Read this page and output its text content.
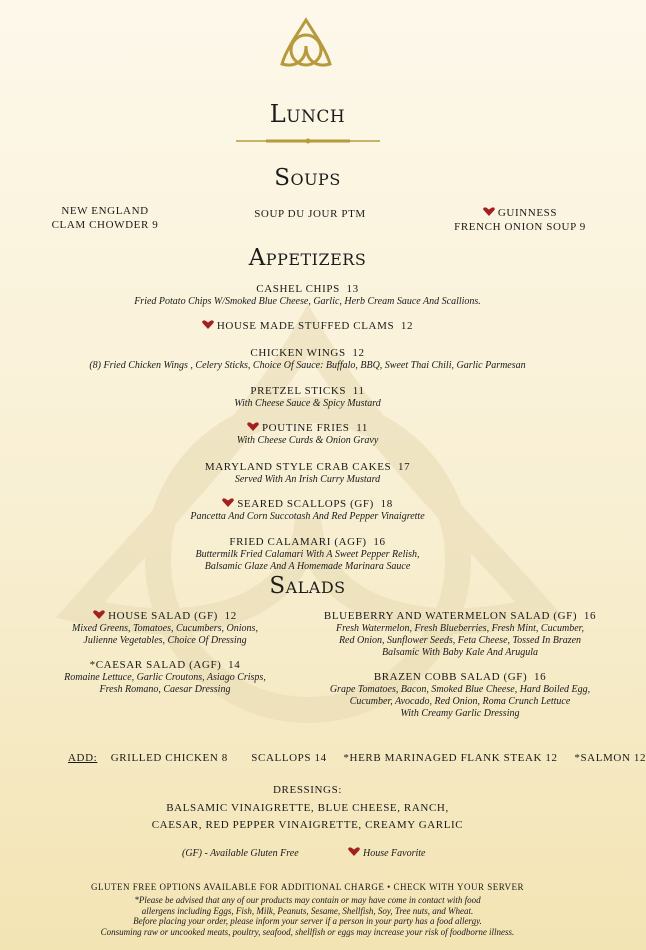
Lunch
Soups
NEW ENGLAND
CLAM CHOWDER 9
SOUP DU JOUR PTM	GUINNESS
FRENCH ONION SOUP 9
Appetizers
CASHEL CHIPS 13
Fried Potato Chips W/Smoked Blue Cheese, Garlic, Herb Cream Sauce And Scallions.
HOUSE MADE STUFFED CLAMS 12
CHICKEN WINGS 12
(8) Fried Chicken Wings , Celery Sticks, Choice Of Sauce: Buffalo, BBQ, Sweet Thai Chili, Garlic Parmesan
PRETZEL STICKS 11
With Cheese Sauce & Spicy Mustard
POUTINE FRIES 11
With Cheese Curds & Onion Gravy
MARYLAND STYLE CRAB CAKES 17
Served With An Irish Curry Mustard
SEARED SCALLOPS (GF) 18
Pancetta And Corn Succotash And Red Pepper Vinaigrette
FRIED CALAMARI (AGF) 16
Buttermilk Fried Calamari With A Sweet Pepper Relish,
Balsamic Glaze And A Homemade Marinara Sauce
Salads
HOUSE SALAD (GF) 12
Mixed Greens, Tomatoes, Cucumbers, Onions,
Julienne Vegetables, Choice Of Dressing
*CAESAR SALAD (AGF) 14
Romaine Lettuce, Garlic Croutons, Asiago Crisps,
Fresh Romano, Caesar Dressing
BLUEBERRY AND WATERMELON SALAD (GF) 16
Fresh Watermelon, Fresh Blueberries, Fresh Mint, Cucumber,
Red Onion, Sunflower Seeds, Feta Cheese, Tossed In Brazen
Balsamic With Baby Kale And Arugula
BRAZEN COBB SALAD (GF) 16
Grape Tomatoes, Bacon, Smoked Blue Cheese, Hard Boiled Egg,
Cucumber, Avocado, Red Onion, Roma Crunch Lettuce
With Creamy Garlic Dressing
ADD: GRILLED CHICKEN 8 SCALLOPS 14 *HERB MARINAGED FLANK STEAK 12 *SALMON 12
DRESSINGS:
BALSAMIC VINAIGRETTE, BLUE CHEESE, RANCH,
CAESAR, RED PEPPER VINAIGRETTE, CREAMY GARLIC
(GF) - Available Gluten Free	House Favorite
GLUTEN FREE OPTIONS AVAILABLE FOR ADDITIONAL CHARGE • CHECK WITH YOUR SERVER
*Please be advised that any of our products may contain or may have come in contact with food
allergens including Eggs, Fish, Milk, Peanuts, Sesame, Shellfish, Soy, Tree nuts, and Wheat.
Before placing your order, please inform your server if a person in your party has a food allergy.
Consuming raw or uncooked meats, poultry, seafood, shellfish or eggs may increase your risk of foodborne illness.
